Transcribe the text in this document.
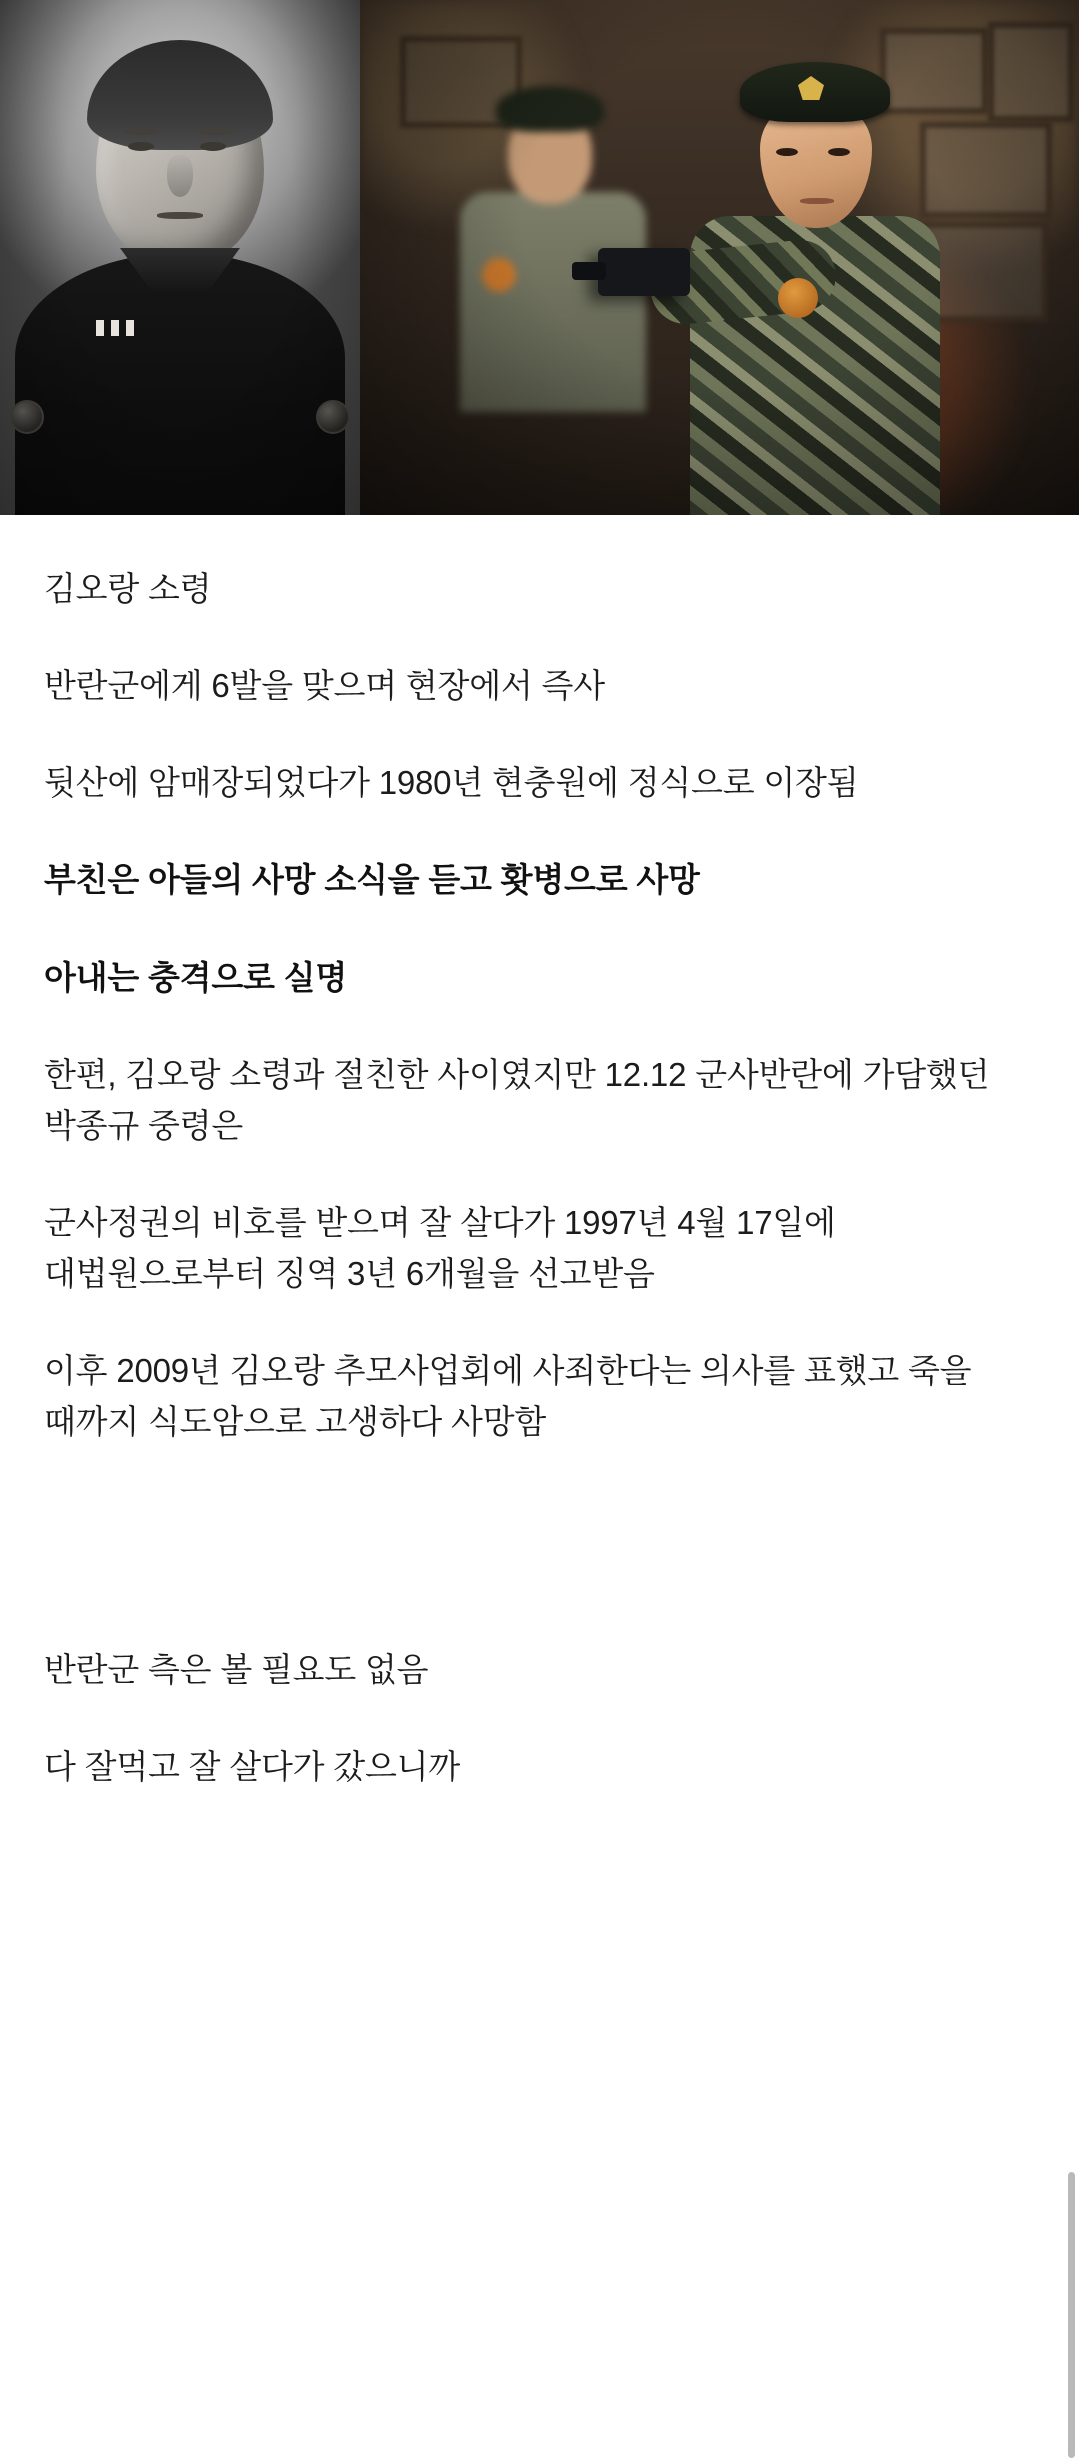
김오랑 소령

반란군에게 6발을 맞으며 현장에서 즉사

뒷산에 암매장되었다가 1980년 현충원에 정식으로 이장됨

부친은 아들의 사망 소식을 듣고 홧병으로 사망

아내는 충격으로 실명

한편, 김오랑 소령과 절친한 사이였지만 12.12 군사반란에 가담했던 박종규 중령은

군사정권의 비호를 받으며 잘 살다가 1997년 4월 17일에 대법원으로부터 징역 3년 6개월을 선고받음

이후 2009년 김오랑 추모사업회에 사죄한다는 의사를 표했고 죽을 때까지 식도암으로 고생하다 사망함

반란군 측은 볼 필요도 없음

다 잘먹고 잘 살다가 갔으니까
